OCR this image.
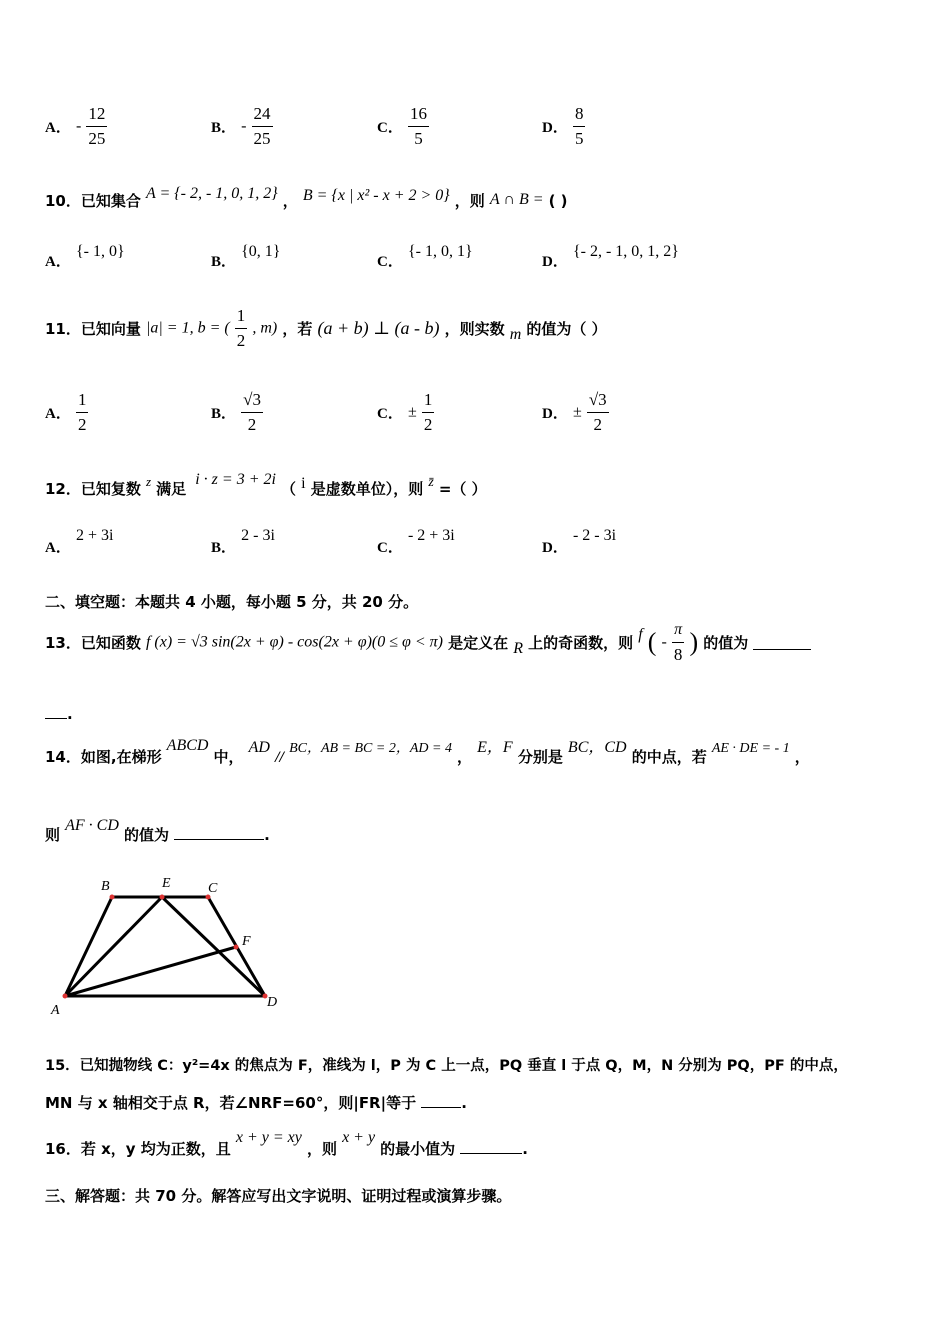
A． - $\frac{12}{25}$	B． - $\frac{24}{25}$	C． $\frac{16}{5}$	D． $\frac{8}{5}$
10．已知集合 A = {- 2, - 1, 0, 1, 2} ， B = {x | x² - x + 2 > 0} ，则 A ∩ B = ( )
A． {- 1, 0}
B． {0, 1}
C． {- 1, 0, 1}
D． {- 2, - 1, 0, 1, 2}
11．已知向量 |a| = 1, b = ( $\frac{1}{2}$ , m) ，若 (a + b) ⊥ (a - b) ，则实数 m 的值为（ ）
A． $\frac{1}{2}$	B． $\frac{√3}{2}$	C． ± $\frac{1}{2}$	D． ± $\frac{√3}{2}$
12．已知复数 $^z$ 满足 i · z = 3 + 2i （ i 是虚数单位），则 z̄ =（ ）
A． 2 + 3i
B． 2 - 3i
C． - 2 + 3i
D． - 2 - 3i
二、填空题：本题共 4 小题，每小题 5 分，共 20 分。
13．已知函数 f (x) = √3 sin(2x + φ) - cos(2x + φ)(0 ≤ φ < π) 是定义在 R 上的奇函数，则 f ( - $\frac{\pi}{8}$ ) 的值为
.
14．如图,在梯形 ABCD 中， AD // BC，AB = BC = 2，AD = 4 ， E，F 分别是 BC，CD 的中点，若 AE · DE = - 1 ，
则 AF · CD 的值为	.
B	E	C
F
A
D
15．已知抛物线 C：y²=4x 的焦点为 F，准线为 l，P 为 C 上一点，PQ 垂直 l 于点 Q，M，N 分别为 PQ，PF 的中点，
MN 与 x 轴相交于点 R，若∠NRF=60°，则|FR|等于	.
16．若 x，y 均为正数，且 x + y = xy ，则 x + y 的最小值为	.
三、解答题：共 70 分。解答应写出文字说明、证明过程或演算步骤。
